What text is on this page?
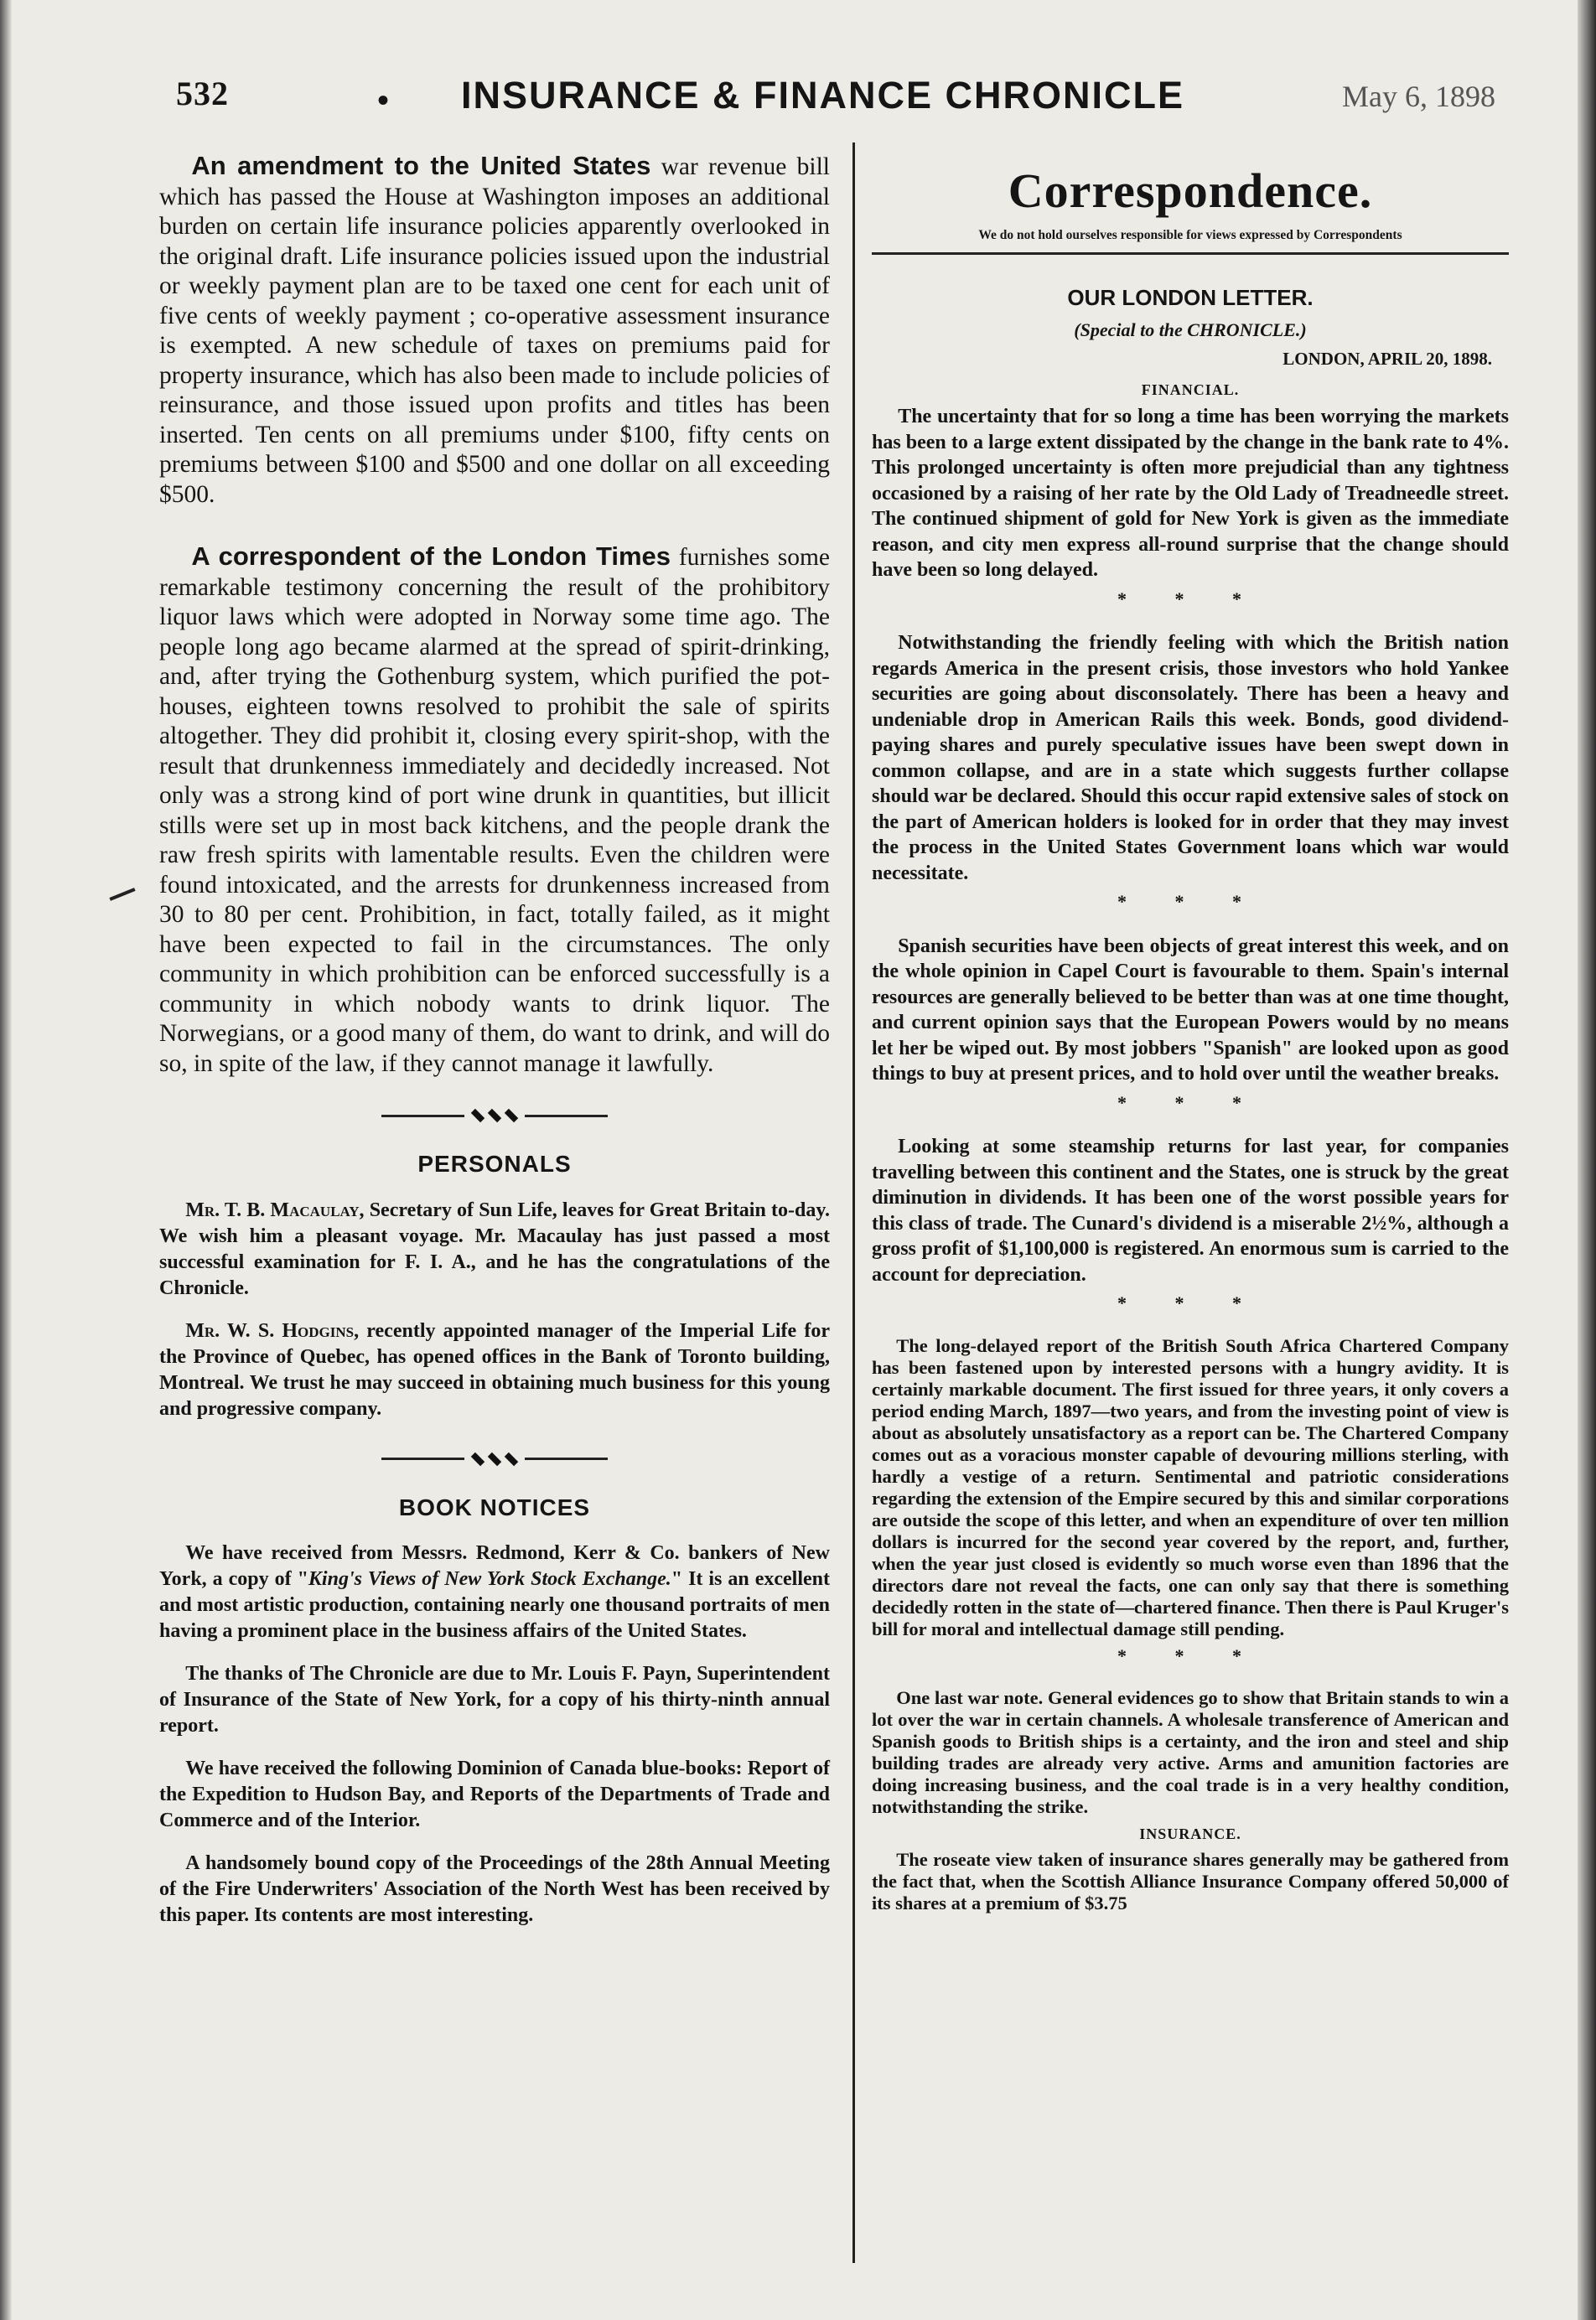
532	• INSURANCE & FINANCE CHRONICLE	May 6, 1898

An amendment to the United States war revenue bill which has passed the House at Washington imposes an additional burden on certain life insurance policies apparently overlooked in the original draft. Life insurance policies issued upon the industrial or weekly payment plan are to be taxed one cent for each unit of five cents of weekly payment ; co-operative assessment insurance is exempted. A new schedule of taxes on premiums paid for property insurance, which has also been made to include policies of reinsurance, and those issued upon profits and titles has been inserted. Ten cents on all premiums under $100, fifty cents on premiums between $100 and $500 and one dollar on all exceeding $500.

A correspondent of the London Times furnishes some remarkable testimony concerning the result of the prohibitory liquor laws which were adopted in Norway some time ago. The people long ago became alarmed at the spread of spirit-drinking, and, after trying the Gothenburg system, which purified the pot-houses, eighteen towns resolved to prohibit the sale of spirits altogether. They did prohibit it, closing every spirit-shop, with the result that drunkenness immediately and decidedly increased. Not only was a strong kind of port wine drunk in quantities, but illicit stills were set up in most back kitchens, and the people drank the raw fresh spirits with lamentable results. Even the children were found intoxicated, and the arrests for drunkenness increased from 30 to 80 per cent. Prohibition, in fact, totally failed, as it might have been expected to fail in the circumstances. The only community in which prohibition can be enforced successfully is a community in which nobody wants to drink liquor. The Norwegians, or a good many of them, do want to drink, and will do so, in spite of the law, if they cannot manage it lawfully.

PERSONALS

Mr. T. B. Macaulay, Secretary of Sun Life, leaves for Great Britain to-day. We wish him a pleasant voyage. Mr. Macaulay has just passed a most successful examination for F. I. A., and he has the congratulations of the Chronicle.

Mr. W. S. Hodgins, recently appointed manager of the Imperial Life for the Province of Quebec, has opened offices in the Bank of Toronto building, Montreal. We trust he may succeed in obtaining much business for this young and progressive company.

BOOK NOTICES

We have received from Messrs. Redmond, Kerr & Co. bankers of New York, a copy of "King's Views of New York Stock Exchange." It is an excellent and most artistic production, containing nearly one thousand portraits of men having a prominent place in the business affairs of the United States.

The thanks of The Chronicle are due to Mr. Louis F. Payn, Superintendent of Insurance of the State of New York, for a copy of his thirty-ninth annual report.

We have received the following Dominion of Canada blue-books: Report of the Expedition to Hudson Bay, and Reports of the Departments of Trade and Commerce and of the Interior.

A handsomely bound copy of the Proceedings of the 28th Annual Meeting of the Fire Underwriters' Association of the North West has been received by this paper. Its contents are most interesting.

Correspondence.
We do not hold ourselves responsible for views expressed by Correspondents
OUR LONDON LETTER.
(Special to the CHRONICLE.)
LONDON, APRIL 20, 1898.
FINANCIAL.

The uncertainty that for so long a time has been worrying the markets has been to a large extent dissipated by the change in the bank rate to 4%. This prolonged uncertainty is often more prejudicial than any tightness occasioned by a raising of her rate by the Old Lady of Treadneedle street. The continued shipment of gold for New York is given as the immediate reason, and city men express all-round surprise that the change should have been so long delayed.

* * *

Notwithstanding the friendly feeling with which the British nation regards America in the present crisis, those investors who hold Yankee securities are going about disconsolately. There has been a heavy and undeniable drop in American Rails this week. Bonds, good dividend-paying shares and purely speculative issues have been swept down in common collapse, and are in a state which suggests further collapse should war be declared. Should this occur rapid extensive sales of stock on the part of American holders is looked for in order that they may invest the process in the United States Government loans which war would necessitate.

* * *

Spanish securities have been objects of great interest this week, and on the whole opinion in Capel Court is favourable to them. Spain's internal resources are generally believed to be better than was at one time thought, and current opinion says that the European Powers would by no means let her be wiped out. By most jobbers "Spanish" are looked upon as good things to buy at present prices, and to hold over until the weather breaks.

* * *

Looking at some steamship returns for last year, for companies travelling between this continent and the States, one is struck by the great diminution in dividends. It has been one of the worst possible years for this class of trade. The Cunard's dividend is a miserable 2½%, although a gross profit of $1,100,000 is registered. An enormous sum is carried to the account for depreciation.

* * *

The long-delayed report of the British South Africa Chartered Company has been fastened upon by interested persons with a hungry avidity. It is certainly markable document. The first issued for three years, it only covers a period ending March, 1897—two years, and from the investing point of view is about as absolutely unsatisfactory as a report can be. The Chartered Company comes out as a voracious monster capable of devouring millions sterling, with hardly a vestige of a return. Sentimental and patriotic considerations regarding the extension of the Empire secured by this and similar corporations are outside the scope of this letter, and when an expenditure of over ten million dollars is incurred for the second year covered by the report, and, further, when the year just closed is evidently so much worse even than 1896 that the directors dare not reveal the facts, one can only say that there is something decidedly rotten in the state of—chartered finance. Then there is Paul Kruger's bill for moral and intellectual damage still pending.

* * *

One last war note. General evidences go to show that Britain stands to win a lot over the war in certain channels. A wholesale transference of American and Spanish goods to British ships is a certainty, and the iron and steel and ship building trades are already very active. Arms and amunition factories are doing increasing business, and the coal trade is in a very healthy condition, notwithstanding the strike.

INSURANCE.

The roseate view taken of insurance shares generally may be gathered from the fact that, when the Scottish Alliance Insurance Company offered 50,000 of its shares at a premium of $3.75
